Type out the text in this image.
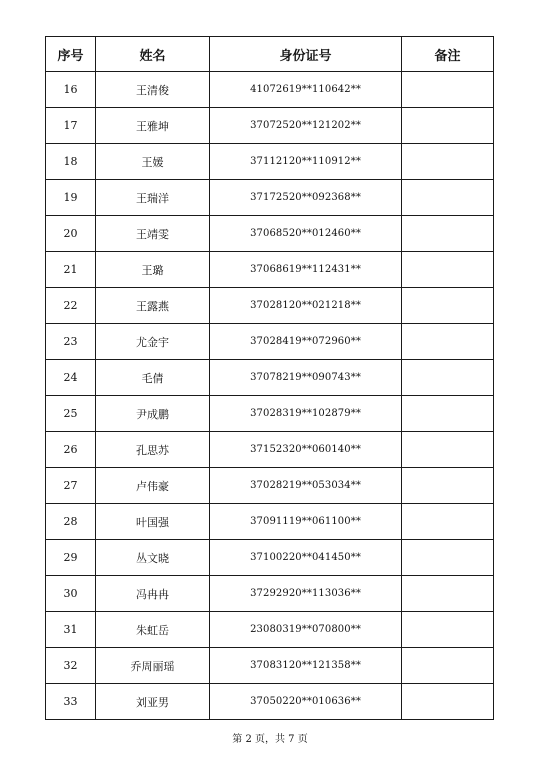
序号	姓名	身份证号	备注
16	王清俊	41072619**110642**	
17	王雅坤	37072520**121202**	
18	王媛	37112120**110912**	
19	王瑞洋	37172520**092368**	
20	王靖雯	37068520**012460**	
21	王璐	37068619**112431**	
22	王露燕	37028120**021218**	
23	尤金宇	37028419**072960**	
24	毛倩	37078219**090743**	
25	尹成鹏	37028319**102879**	
26	孔思苏	37152320**060140**	
27	卢伟豪	37028219**053034**	
28	叶国强	37091119**061100**	
29	丛文晓	37100220**041450**	
30	冯冉冉	37292920**113036**	
31	朱虹岳	23080319**070800**	
32	乔周丽瑶	37083120**121358**	
33	刘亚男	37050220**010636**	
第 2 页，共 7 页
